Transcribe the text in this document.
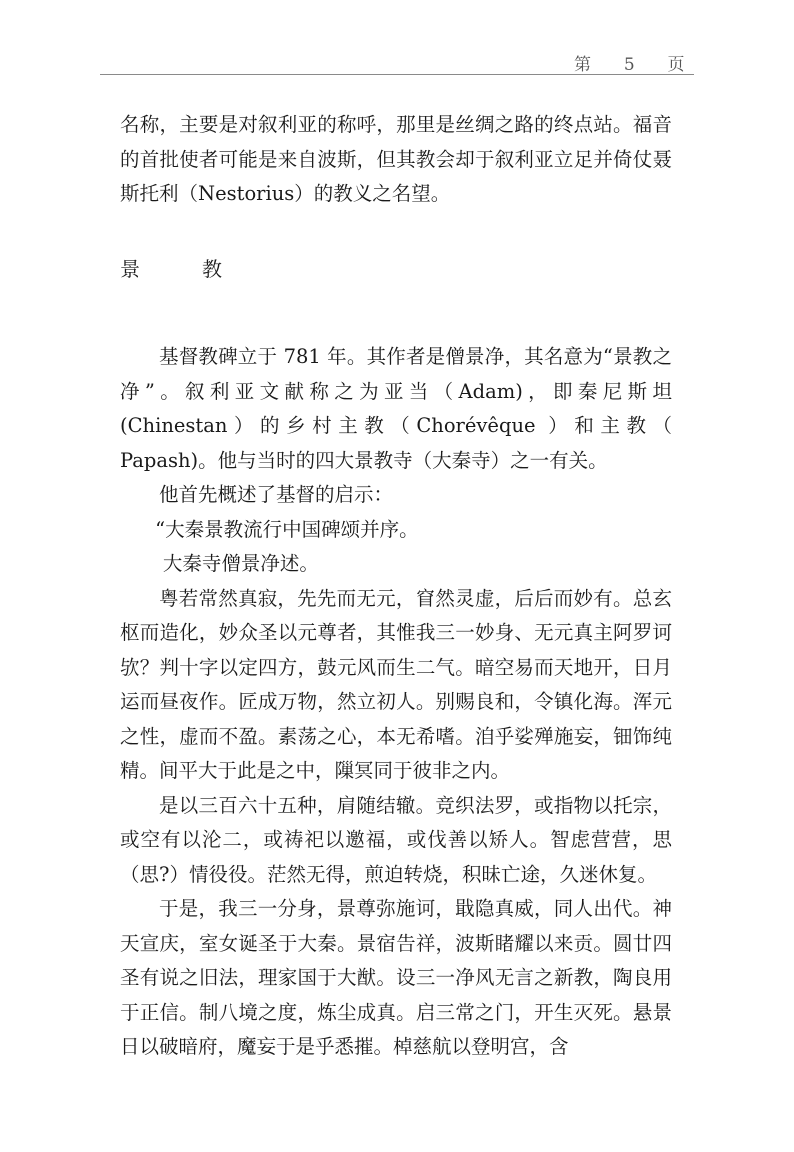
第 5 页

名称，主要是对叙利亚的称呼，那里是丝绸之路的终点站。福音的首批使者可能是来自波斯，但其教会却于叙利亚立足并倚仗聂斯托利（Nestorius）的教义之名望。

景	教

基督教碑立于 781 年。其作者是僧景净，其名意为“景教之净”。叙利亚文献称之为亚当（Adam)，即秦尼斯坦(Chinestan）的乡村主教（Chorévêque ）和主教（ Papash)。他与当时的四大景教寺（大秦寺）之一有关。

他首先概述了基督的启示：

“大秦景教流行中国碑颂并序。

大秦寺僧景净述。

粤若常然真寂，先先而无元，窅然灵虚，后后而妙有。总玄枢而造化，妙众圣以元尊者，其惟我三一妙身、无元真主阿罗诃欤？判十字以定四方，鼓元风而生二气。暗空易而天地开，日月运而昼夜作。匠成万物，然立初人。别赐良和，令镇化海。浑元之性，虚而不盈。素荡之心，本无希嗜。洎乎娑殚施妄，钿饰纯精。间平大于此是之中，隟冥同于彼非之内。

是以三百六十五种，肩随结辙。竞织法罗，或指物以托宗，或空有以沦二，或祷祀以邀福，或伐善以矫人。智虑营营，思（思?）情役役。茫然无得，煎迫转烧，积昧亡途，久迷休复。

于是，我三一分身，景尊弥施诃，戢隐真威，同人出代。神天宣庆，室女诞圣于大秦。景宿告祥，波斯睹耀以来贡。圆廿四圣有说之旧法，理家国于大猷。设三一净风无言之新教，陶良用于正信。制八境之度，炼尘成真。启三常之门，开生灭死。悬景日以破暗府，魔妄于是乎悉摧。棹慈航以登明宫，含
